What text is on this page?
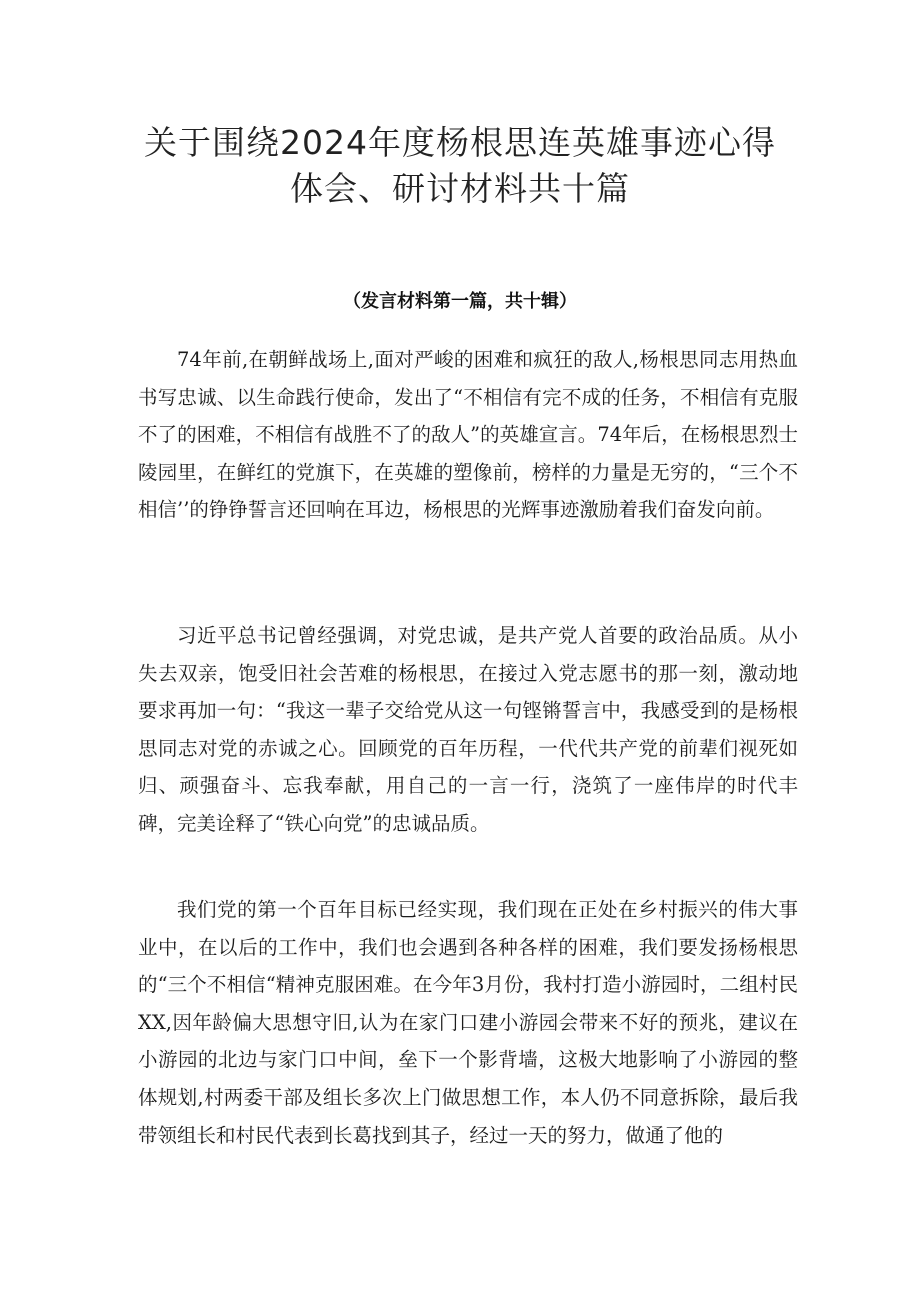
关于围绕2024年度杨根思连英雄事迹心得
体会、研讨材料共十篇

（发言材料第一篇，共十辑）

74年前,在朝鲜战场上,面对严峻的困难和疯狂的敌人,杨根思同志用热血书写忠诚、以生命践行使命，发出了“不相信有完不成的任务，不相信有克服不了的困难，不相信有战胜不了的敌人”的英雄宣言。74年后，在杨根思烈士陵园里，在鲜红的党旗下，在英雄的塑像前，榜样的力量是无穷的，“三个不相信’’的铮铮誓言还回响在耳边，杨根思的光辉事迹激励着我们奋发向前。

习近平总书记曾经强调，对党忠诚，是共产党人首要的政治品质。从小失去双亲，饱受旧社会苦难的杨根思，在接过入党志愿书的那一刻，激动地要求再加一句：“我这一辈子交给党从这一句铿锵誓言中，我感受到的是杨根思同志对党的赤诚之心。回顾党的百年历程，一代代共产党的前辈们视死如归、顽强奋斗、忘我奉献，用自己的一言一行，浇筑了一座伟岸的时代丰碑，完美诠释了“铁心向党”的忠诚品质。

我们党的第一个百年目标已经实现，我们现在正处在乡村振兴的伟大事业中，在以后的工作中，我们也会遇到各种各样的困难，我们要发扬杨根思的“三个不相信“精神克服困难。在今年3月份，我村打造小游园时，二组村民XX,因年龄偏大思想守旧,认为在家门口建小游园会带来不好的预兆，建议在小游园的北边与家门口中间，垒下一个影背墙，这极大地影响了小游园的整体规划,村两委干部及组长多次上门做思想工作，本人仍不同意拆除，最后我带领组长和村民代表到长葛找到其子，经过一天的努力，做通了他的
